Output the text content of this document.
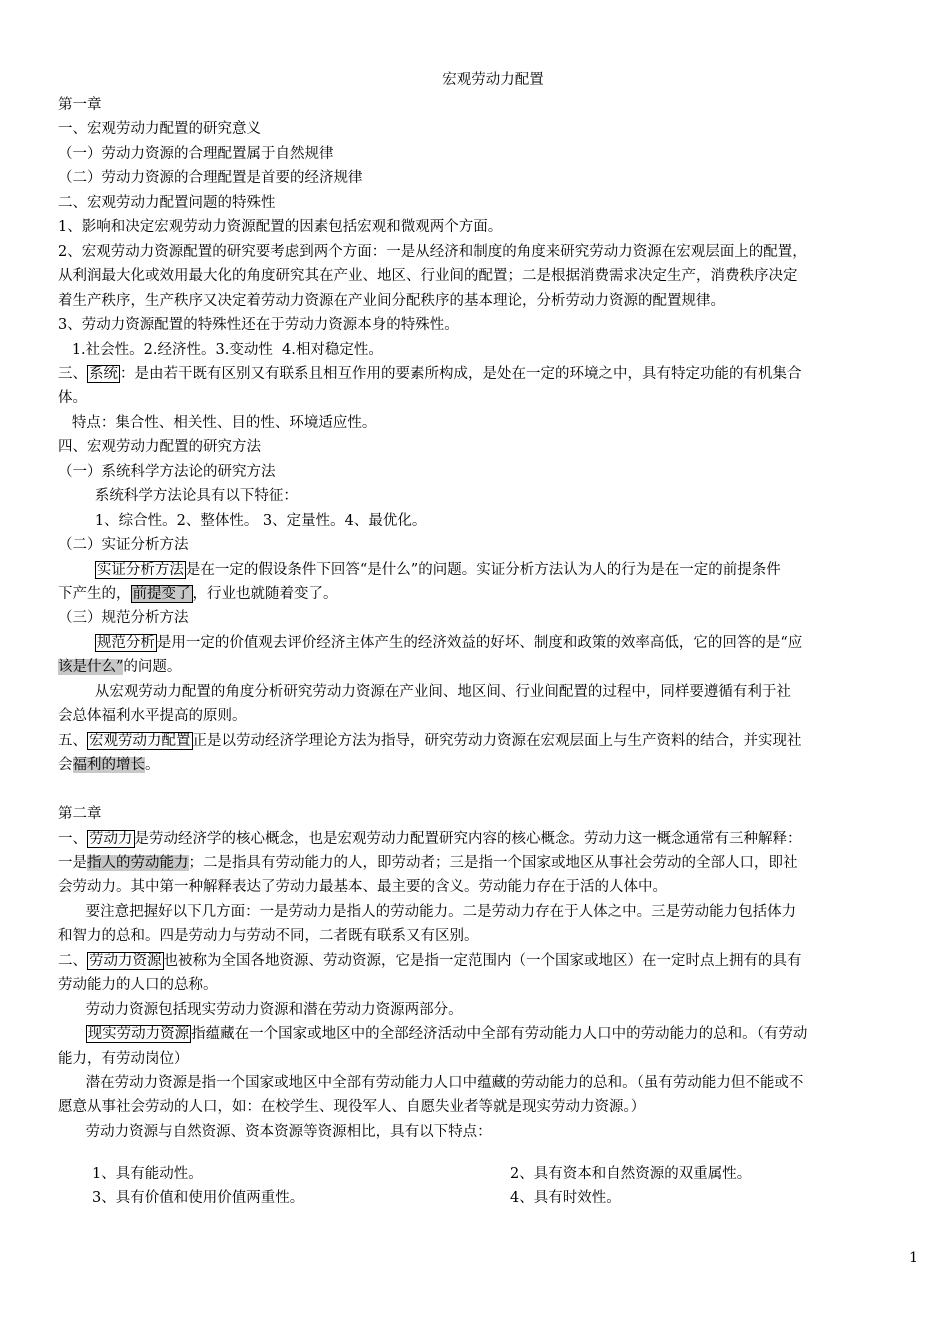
宏观劳动力配置
第一章
一、宏观劳动力配置的研究意义
（一）劳动力资源的合理配置属于自然规律
（二）劳动力资源的合理配置是首要的经济规律
二、宏观劳动力配置问题的特殊性
1、影响和决定宏观劳动力资源配置的因素包括宏观和微观两个方面。
2、宏观劳动力资源配置的研究要考虑到两个方面：一是从经济和制度的角度来研究劳动力资源在宏观层面上的配置，
从利润最大化或效用最大化的角度研究其在产业、地区、行业间的配置；二是根据消费需求决定生产，消费秩序决定
着生产秩序，生产秩序又决定着劳动力资源在产业间分配秩序的基本理论，分析劳动力资源的配置规律。
3、劳动力资源配置的特殊性还在于劳动力资源本身的特殊性。
1.社会性。2.经济性。3.变动性  4.相对稳定性。
三、 系统 ：是由若干既有区别又有联系且相互作用的要素所构成，是处在一定的环境之中，具有特定功能的有机集合
体。
特点：集合性、相关性、目的性、环境适应性。
四、宏观劳动力配置的研究方法
（一）系统科学方法论的研究方法
系统科学方法论具有以下特征：
1、综合性。2、整体性。 3、定量性。4、最优化。
（二）实证分析方法
实证分析方法 是在一定的假设条件下回答“是什么”的问题。实证分析方法认为人的行为是在一定的前提条件
下产生的， 前提变了 ，行业也就随着变了。
（三）规范分析方法
规范分析 是用一定的价值观去评价经济主体产生的经济效益的好坏、制度和政策的效率高低，它的回答的是“应
该是什么”的问题。
从宏观劳动力配置的角度分析研究劳动力资源在产业间、地区间、行业间配置的过程中，同样要遵循有利于社
会总体福利水平提高的原则。
五、 宏观劳动力配置 正是以劳动经济学理论方法为指导，研究劳动力资源在宏观层面上与生产资料的结合，并实现社
会福利的增长。
第二章
一、 劳动力 是劳动经济学的核心概念，也是宏观劳动力配置研究内容的核心概念。劳动力这一概念通常有三种解释：
一是指人的劳动能力；二是指具有劳动能力的人，即劳动者；三是指一个国家或地区从事社会劳动的全部人口，即社
会劳动力。其中第一种解释表达了劳动力最基本、最主要的含义。劳动能力存在于活的人体中。
要注意把握好以下几方面：一是劳动力是指人的劳动能力。二是劳动力存在于人体之中。三是劳动能力包括体力
和智力的总和。四是劳动力与劳动不同，二者既有联系又有区别。
二、 劳动力资源 也被称为全国各地资源、劳动资源，它是指一定范围内（一个国家或地区）在一定时点上拥有的具有
劳动能力的人口的总称。
劳动力资源包括现实劳动力资源和潜在劳动力资源两部分。
现实劳动力资源 指蕴藏在一个国家或地区中的全部经济活动中全部有劳动能力人口中的劳动能力的总和。（有劳动
能力，有劳动岗位）
潜在劳动力资源是指一个国家或地区中全部有劳动能力人口中蕴藏的劳动能力的总和。（虽有劳动能力但不能或不
愿意从事社会劳动的人口，如：在校学生、现役军人、自愿失业者等就是现实劳动力资源。）
劳动力资源与自然资源、资本资源等资源相比，具有以下特点：
1、具有能动性。	2、具有资本和自然资源的双重属性。
3、具有价值和使用价值两重性。	4、具有时效性。
1
